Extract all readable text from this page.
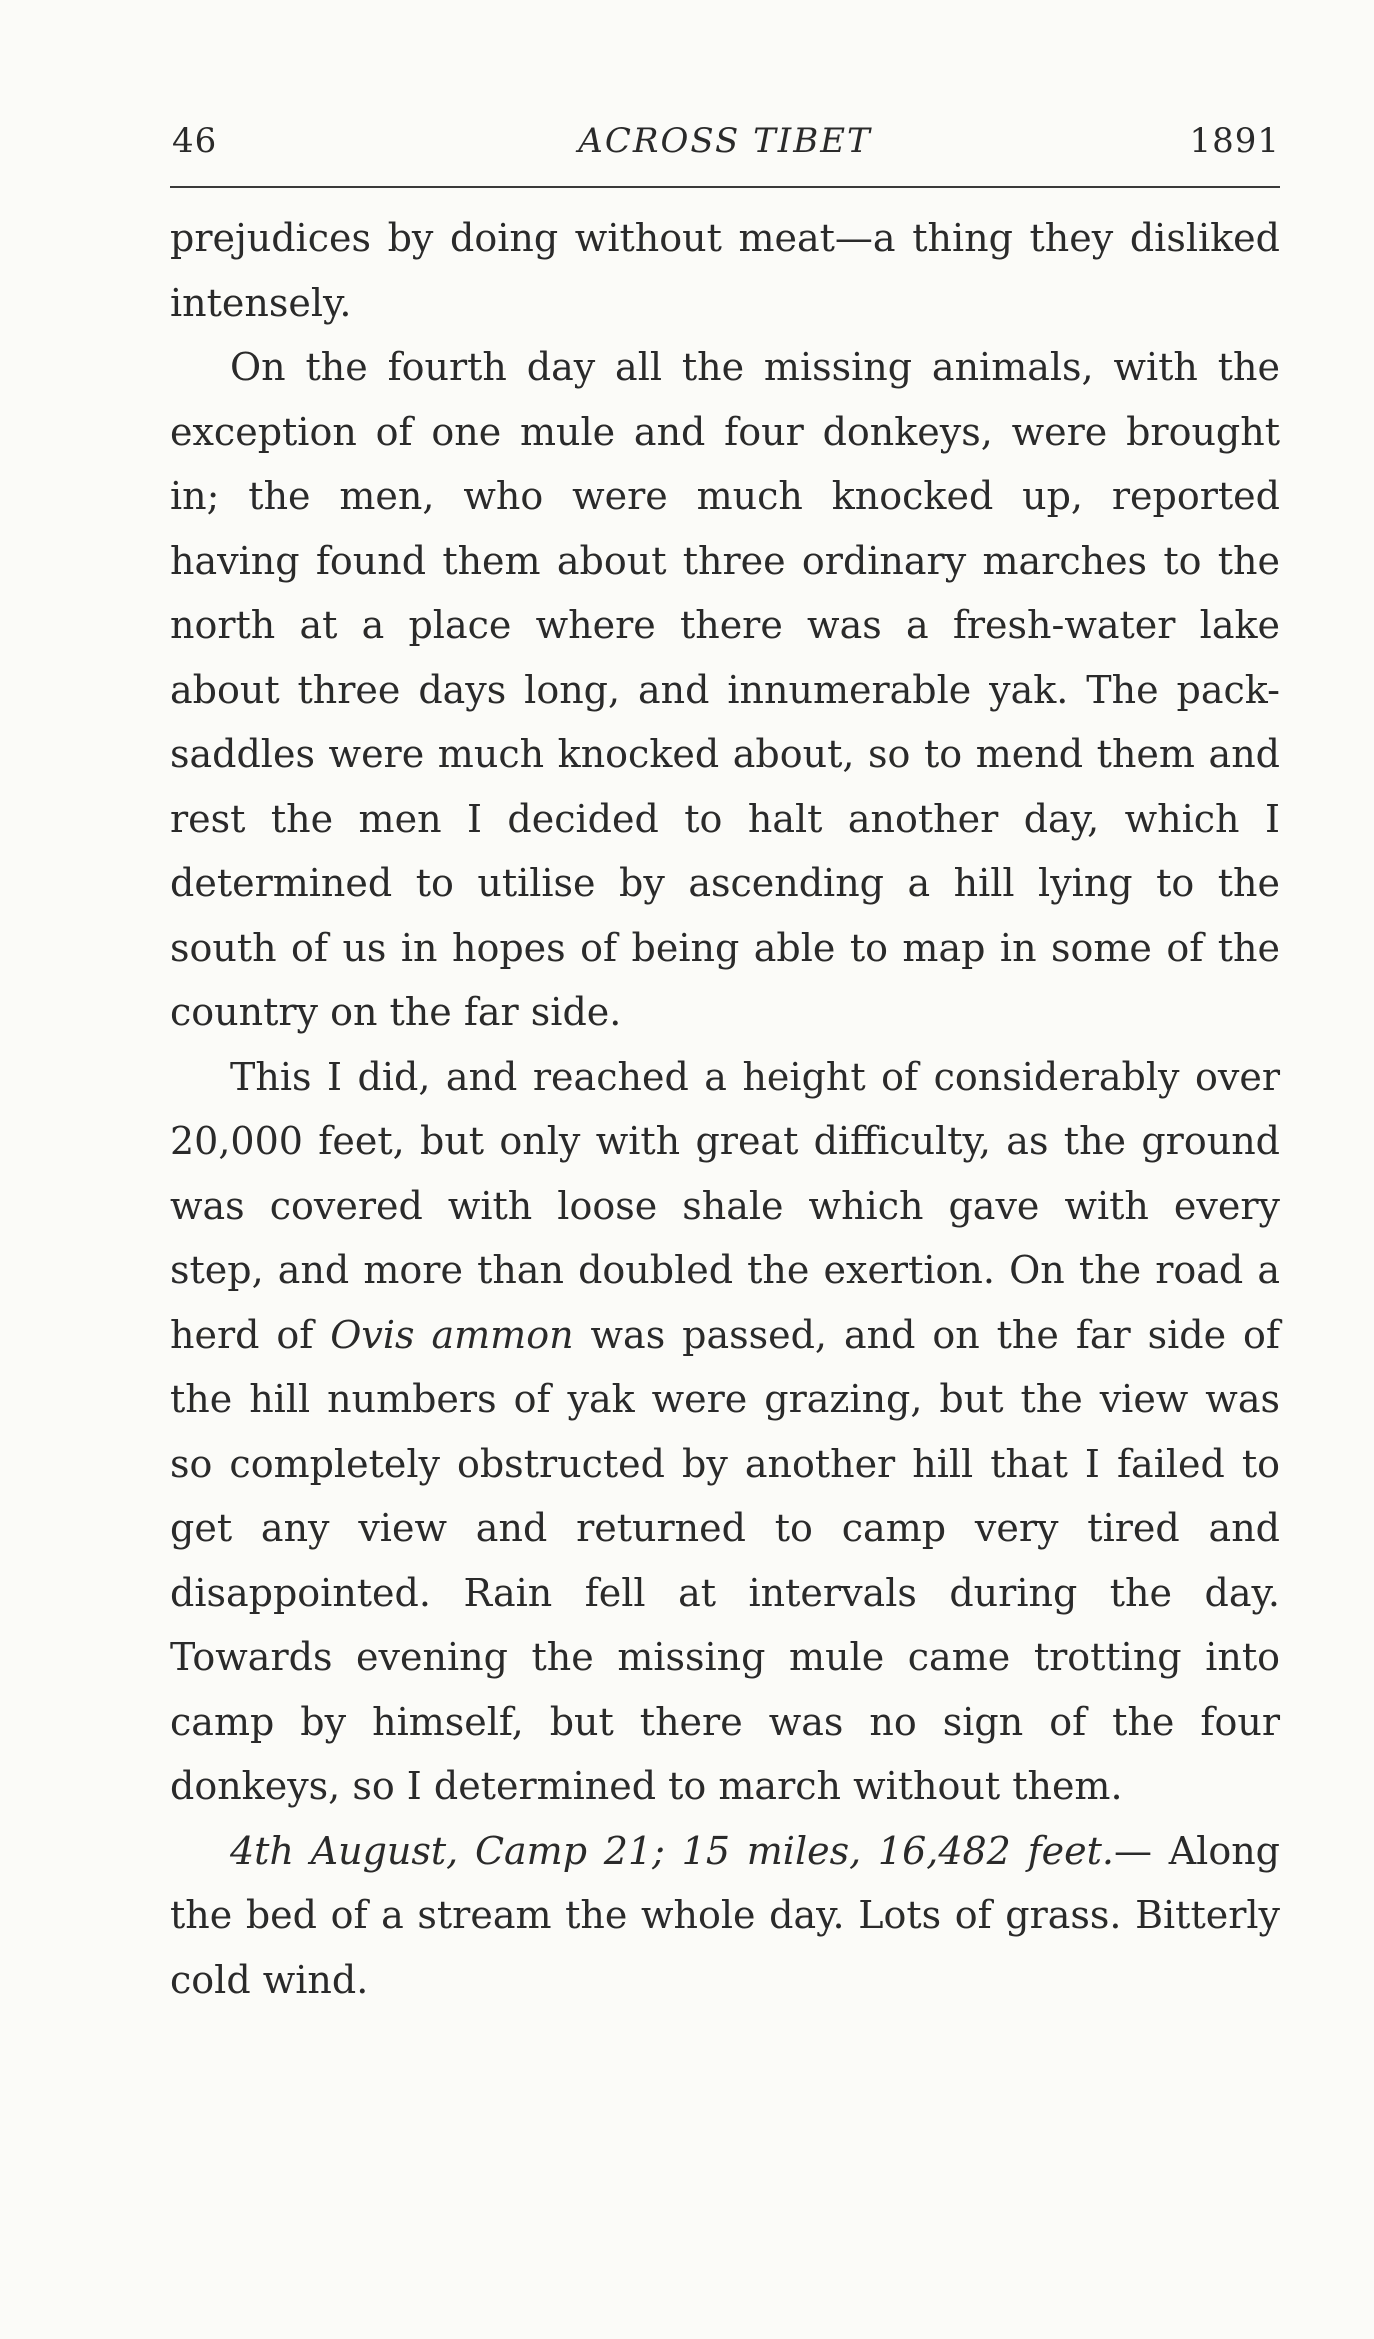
46	ACROSS TIBET	1891

prejudices by doing without meat—a thing they disliked intensely.

On the fourth day all the missing animals, with the exception of one mule and four donkeys, were brought in; the men, who were much knocked up, reported having found them about three ordinary marches to the north at a place where there was a fresh-water lake about three days long, and innumerable yak. The pack-saddles were much knocked about, so to mend them and rest the men I decided to halt another day, which I determined to utilise by ascending a hill lying to the south of us in hopes of being able to map in some of the country on the far side.

This I did, and reached a height of considerably over 20,000 feet, but only with great difficulty, as the ground was covered with loose shale which gave with every step, and more than doubled the exertion. On the road a herd of Ovis ammon was passed, and on the far side of the hill numbers of yak were grazing, but the view was so completely obstructed by another hill that I failed to get any view and returned to camp very tired and disappointed. Rain fell at intervals during the day. Towards evening the missing mule came trotting into camp by himself, but there was no sign of the four donkeys, so I determined to march without them.

4th August, Camp 21; 15 miles, 16,482 feet.— Along the bed of a stream the whole day. Lots of grass. Bitterly cold wind.
